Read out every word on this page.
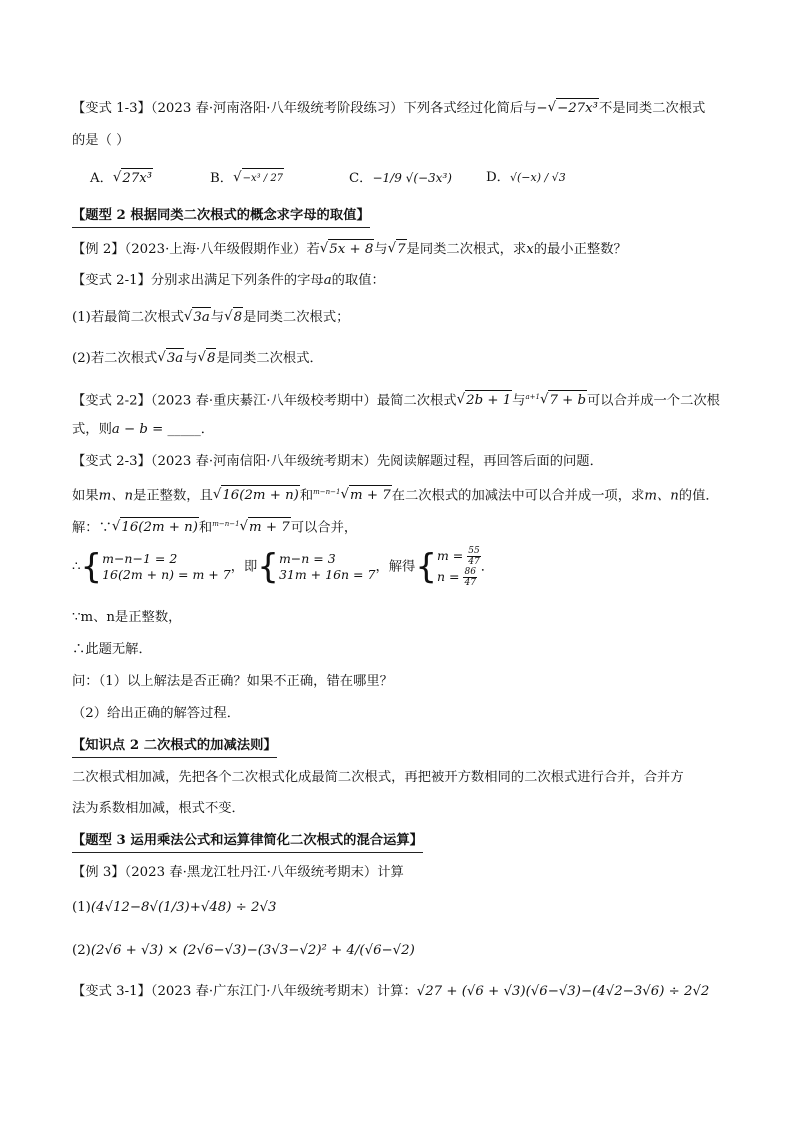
【变式 1-3】（2023 春·河南洛阳·八年级统考阶段练习）下列各式经过化简后与− √ −27x³ 不是同类二次根式
的是（ ）
A． √ 27x³	B． √ −x³ / 27	C．−1/9 √(−3x³)	D．√(−x) / √3
【题型 2 根据同类二次根式的概念求字母的取值】
【例 2】（2023·上海·八年级假期作业）若 √ 5x + 8 与 √ 7 是同类二次根式，求x的最小正整数？
【变式 2-1】分别求出满足下列条件的字母a的取值：
(1)若最简二次根式 √ 3a 与 √ 8 是同类二次根式；
(2)若二次根式 √ 3a 与 √ 8 是同类二次根式．
【变式 2-2】（2023 春·重庆綦江·八年级校考期中）最简二次根式 √ 2b + 1 与$^{a+1}$ √ 7 + b 可以合并成一个二次根
式，则a − b = _____．
【变式 2-3】（2023 春·河南信阳·八年级统考期末）先阅读解题过程，再回答后面的问题．
如果m、n是正整数，且 √ 16(2m + n) 和$^{m-n-1}$ √ m + 7 在二次根式的加减法中可以合并成一项，求m、n的值．
解：∵ √ 16(2m + n) 和$^{m-n-1}$ √ m + 7 可以合并，
∴{ m−n−1 = 2
16(2m + n) = m + 7 ，即{ m−n = 3
31m + 16n = 7 ，解得{ $m = \frac{55}{47}$
$n = \frac{86}{47}$ ．
∵m、n是正整数，
∴此题无解．
问：（1）以上解法是否正确？如果不正确，错在哪里？
（2）给出正确的解答过程．
【知识点 2 二次根式的加减法则】
二次根式相加减，先把各个二次根式化成最简二次根式，再把被开方数相同的二次根式进行合并，合并方
法为系数相加减，根式不变．
【题型 3 运用乘法公式和运算律简化二次根式的混合运算】
【例 3】（2023 春·黑龙江牡丹江·八年级统考期末）计算
(1)(4√12−8√(1/3)+√48) ÷ 2√3
(2)(2√6 + √3) × (2√6−√3)−(3√3−√2)² + 4/(√6−√2)
【变式 3-1】（2023 春·广东江门·八年级统考期末）计算：√27 + (√6 + √3)(√6−√3)−(4√2−3√6) ÷ 2√2
